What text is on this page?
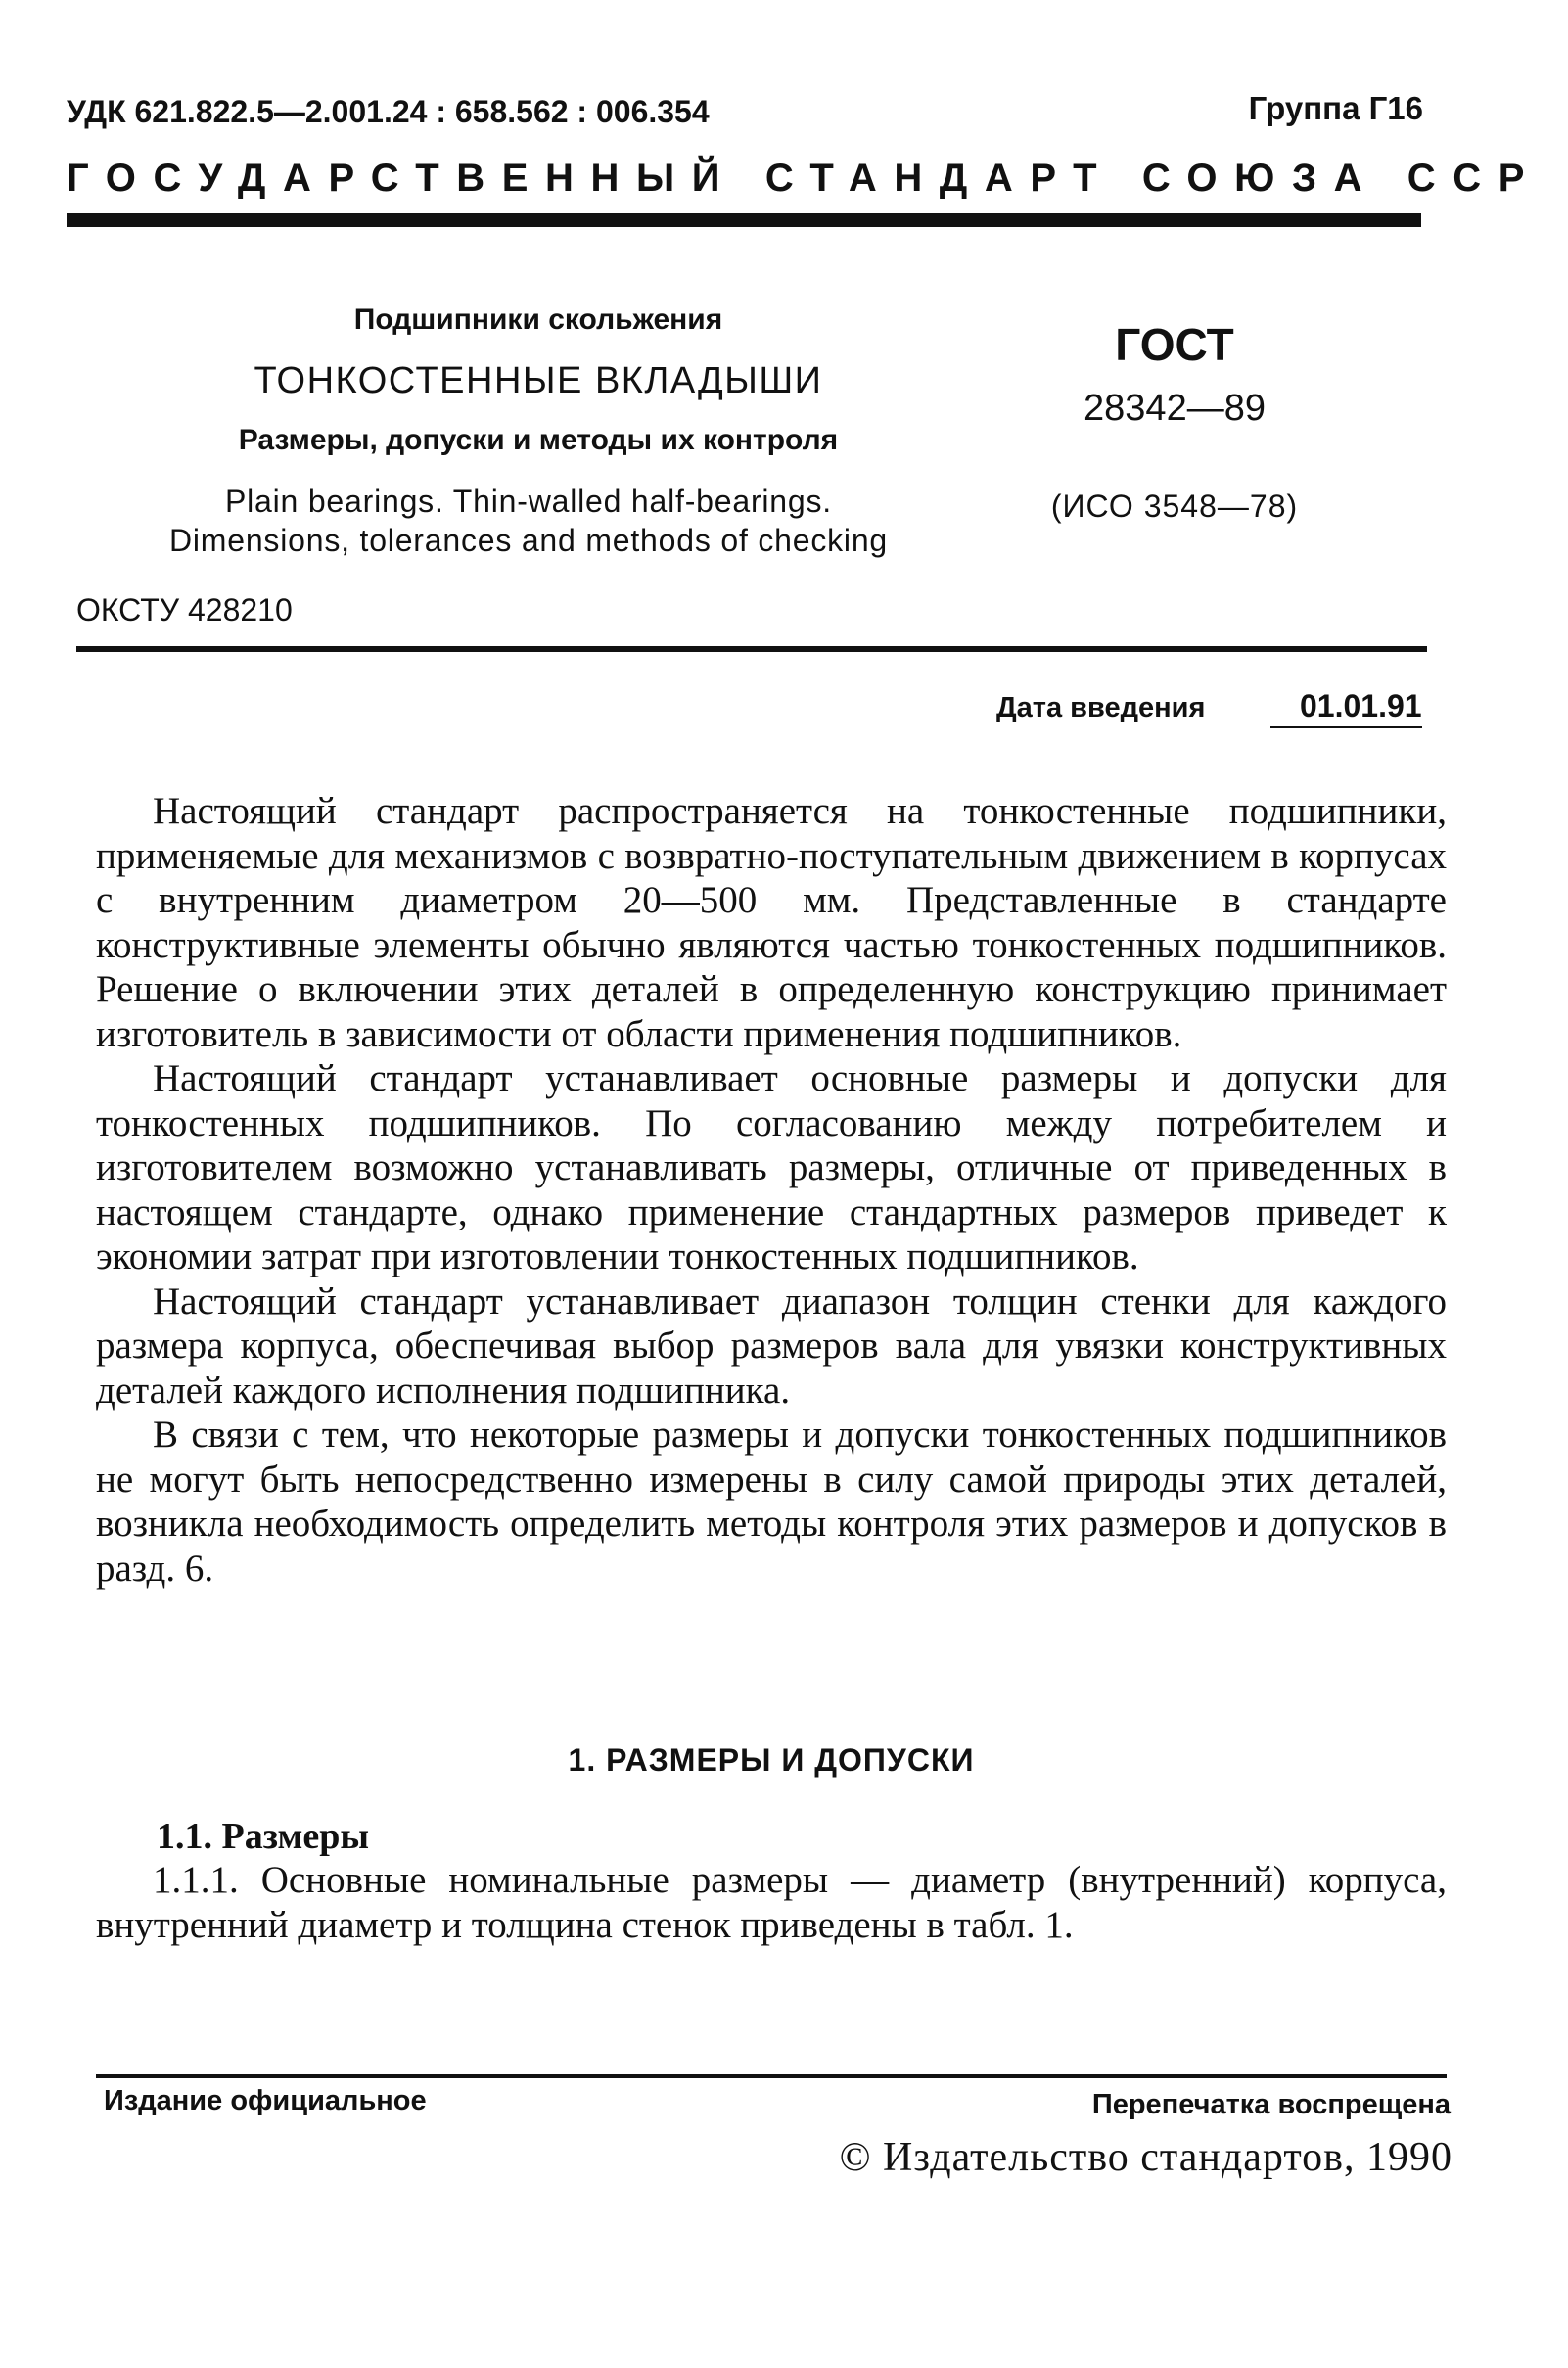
УДК 621.822.5—2.001.24 : 658.562 : 006.354	Группа Г16
ГОСУДАРСТВЕННЫЙ СТАНДАРТ СОЮЗА ССР
Подшипники скольжения
ТОНКОСТЕННЫЕ ВКЛАДЫШИ
Размеры, допуски и методы их контроля
Plain bearings. Thin-walled half-bearings.
Dimensions, tolerances and methods of checking
ГОСТ
28342—89
(ИСО 3548—78)
ОКСТУ 428210
Дата введения	01.01.91

Настоящий стандарт распространяется на тонкостенные подшипники, применяемые для механизмов с возвратно-поступательным движением в корпусах с внутренним диаметром 20—500 мм. Представленные в стандарте конструктивные элементы обычно являются частью тонкостенных подшипников. Решение о включении этих деталей в определенную конструкцию принимает изготовитель в зависимости от области применения подшипников.

Настоящий стандарт устанавливает основные размеры и допуски для тонкостенных подшипников. По согласованию между потребителем и изготовителем возможно устанавливать размеры, отличные от приведенных в настоящем стандарте, однако применение стандартных размеров приведет к экономии затрат при изготовлении тонкостенных подшипников.

Настоящий стандарт устанавливает диапазон толщин стенки для каждого размера корпуса, обеспечивая выбор размеров вала для увязки конструктивных деталей каждого исполнения подшипника.

В связи с тем, что некоторые размеры и допуски тонкостенных подшипников не могут быть непосредственно измерены в силу самой природы этих деталей, возникла необходимость определить методы контроля этих размеров и допусков в разд. 6.

1. РАЗМЕРЫ И ДОПУСКИ
1.1. Размеры

1.1.1. Основные номинальные размеры — диаметр (внутренний) корпуса, внутренний диаметр и толщина стенок приведены в табл. 1.

Издание официальное	Перепечатка воспрещена
© Издательство стандартов, 1990
